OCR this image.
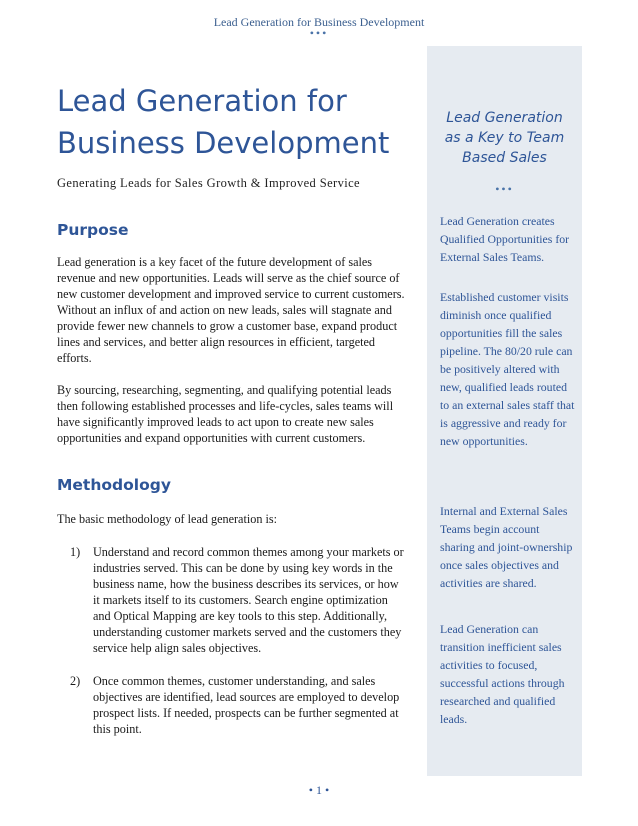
Lead Generation for Business Development
•••
Lead Generation for
Business Development
Generating Leads for Sales Growth & Improved Service
Purpose

Lead generation is a key facet of the future development of sales revenue and new opportunities. Leads will serve as the chief source of new customer development and improved service to current customers. Without an influx of and action on new leads, sales will stagnate and provide fewer new channels to grow a customer base, expand product lines and services, and better align resources in efficient, targeted efforts.

By sourcing, researching, segmenting, and qualifying potential leads then following established processes and life-cycles, sales teams will have significantly improved leads to act upon to create new sales opportunities and expand opportunities with current customers.

Methodology

The basic methodology of lead generation is:

1) Understand and record common themes among your markets or industries served. This can be done by using key words in the business name, how the business describes its services, or how it markets itself to its customers. Search engine optimization and Optical Mapping are key tools to this step. Additionally, understanding customer markets served and the customers they service help align sales objectives.
2) Once common themes, customer understanding, and sales objectives are identified, lead sources are employed to develop prospect lists. If needed, prospects can be further segmented at this point.
Lead Generation
as a Key to Team
Based Sales
•••
Lead Generation creates Qualified Opportunities for External Sales Teams.
Established customer visits diminish once qualified opportunities fill the sales pipeline. The 80/20 rule can be positively altered with new, qualified leads routed to an external sales staff that is aggressive and ready for new opportunities.
Internal and External Sales Teams begin account sharing and joint-ownership once sales objectives and activities are shared.
Lead Generation can transition inefficient sales activities to focused, successful actions through researched and qualified leads.
• 1 •
